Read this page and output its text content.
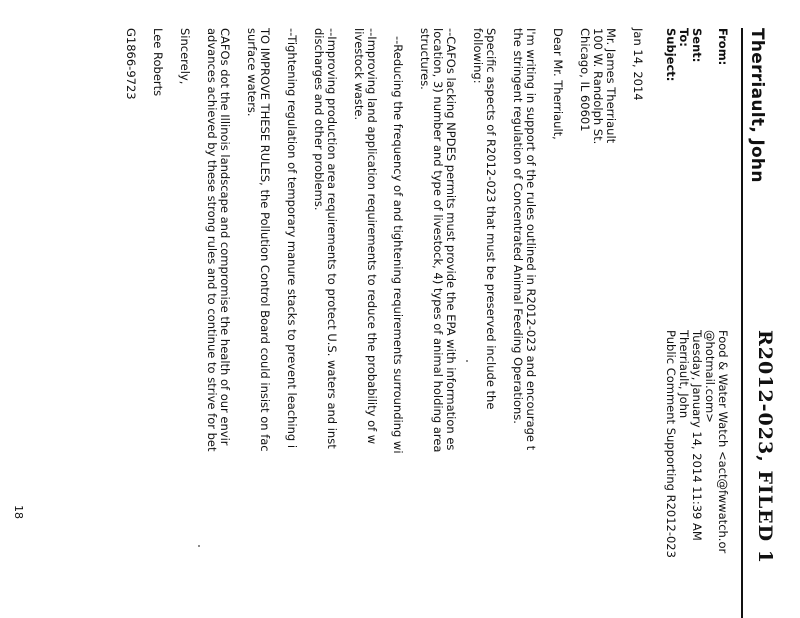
Therriault, John
R2012-023, FILED 1
From:
Food & Water Watch <act@fwwatch.or
@hotmail.com>
Sent:
Tuesday, January 14, 2014 11:39 AM
To:
Therriault, John
Subject:
Public Comment Supporting R2012-023
Jan 14, 2014
Mr. James Therriault
100 W. Randolph St.
Chicago, IL 60601
Dear Mr. Therriault,
I'm writing in support of the rules outlined in R2012-023 and encourage t
the stringent regulation of Concentrated Animal Feeding Operations.
Specific aspects of R2012-023 that must be preserved include the
following:
--CAFOs lacking NPDES permits must provide the EPA with information es
location, 3) number and type of livestock, 4) types of animal holding area
structures.
--Reducing the frequency of and tightening requirements surrounding wi
--Improving land application requirements to reduce the probability of w
livestock waste.
--Improving production area requirements to protect U.S. waters and inst
discharges and other problems.
--Tightening regulation of temporary manure stacks to prevent leaching i
TO IMPROVE THESE RULES, the Pollution Control Board could insist on fac
surface waters.
CAFOs dot the Illinois landscape and compromise the health of our envir
advances achieved by these strong rules and to continue to strive for bet
Sincerely,
Lee Roberts
G1866-9723
18
